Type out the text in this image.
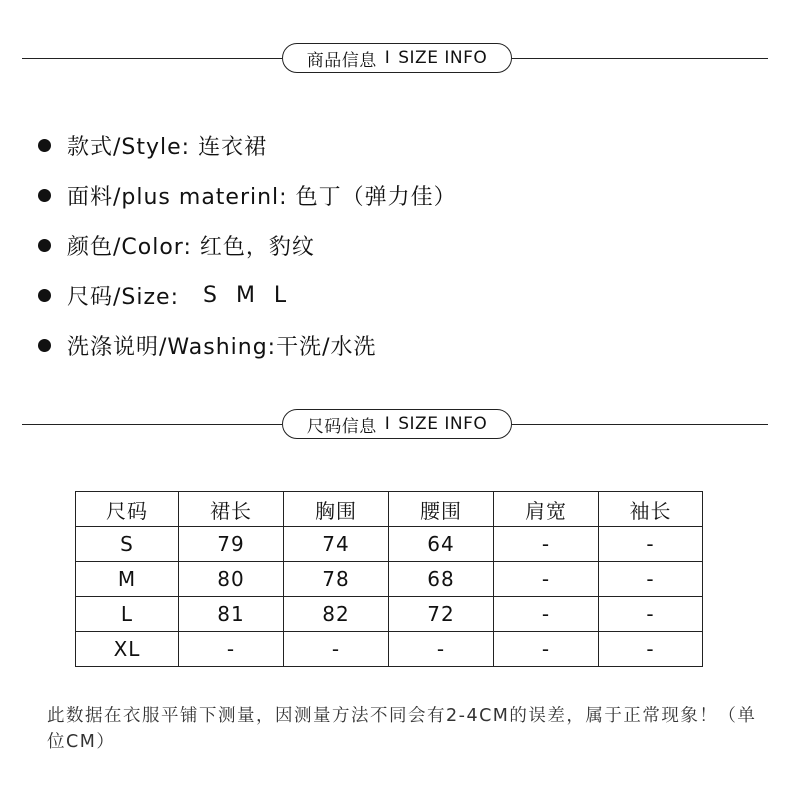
商品信息 I SIZE INFO
款式/Style:
连衣裙
面料/plus materinl:
色丁（弹力佳）
颜色/Color:
红色，豹纹
尺码/Size:
S M L
洗涤说明/Washing: 干洗/水洗
尺码信息 I SIZE INFO
尺码	裙长	胸围	腰围	肩宽	袖长
S	79	74	64	-	-
M	80	78	68	-	-
L	81	82	72	-	-
XL	-	-	-	-	-
此数据在衣服平铺下测量，因测量方法不同会有2-4CM的误差，属于正常现象！（单位CM）
